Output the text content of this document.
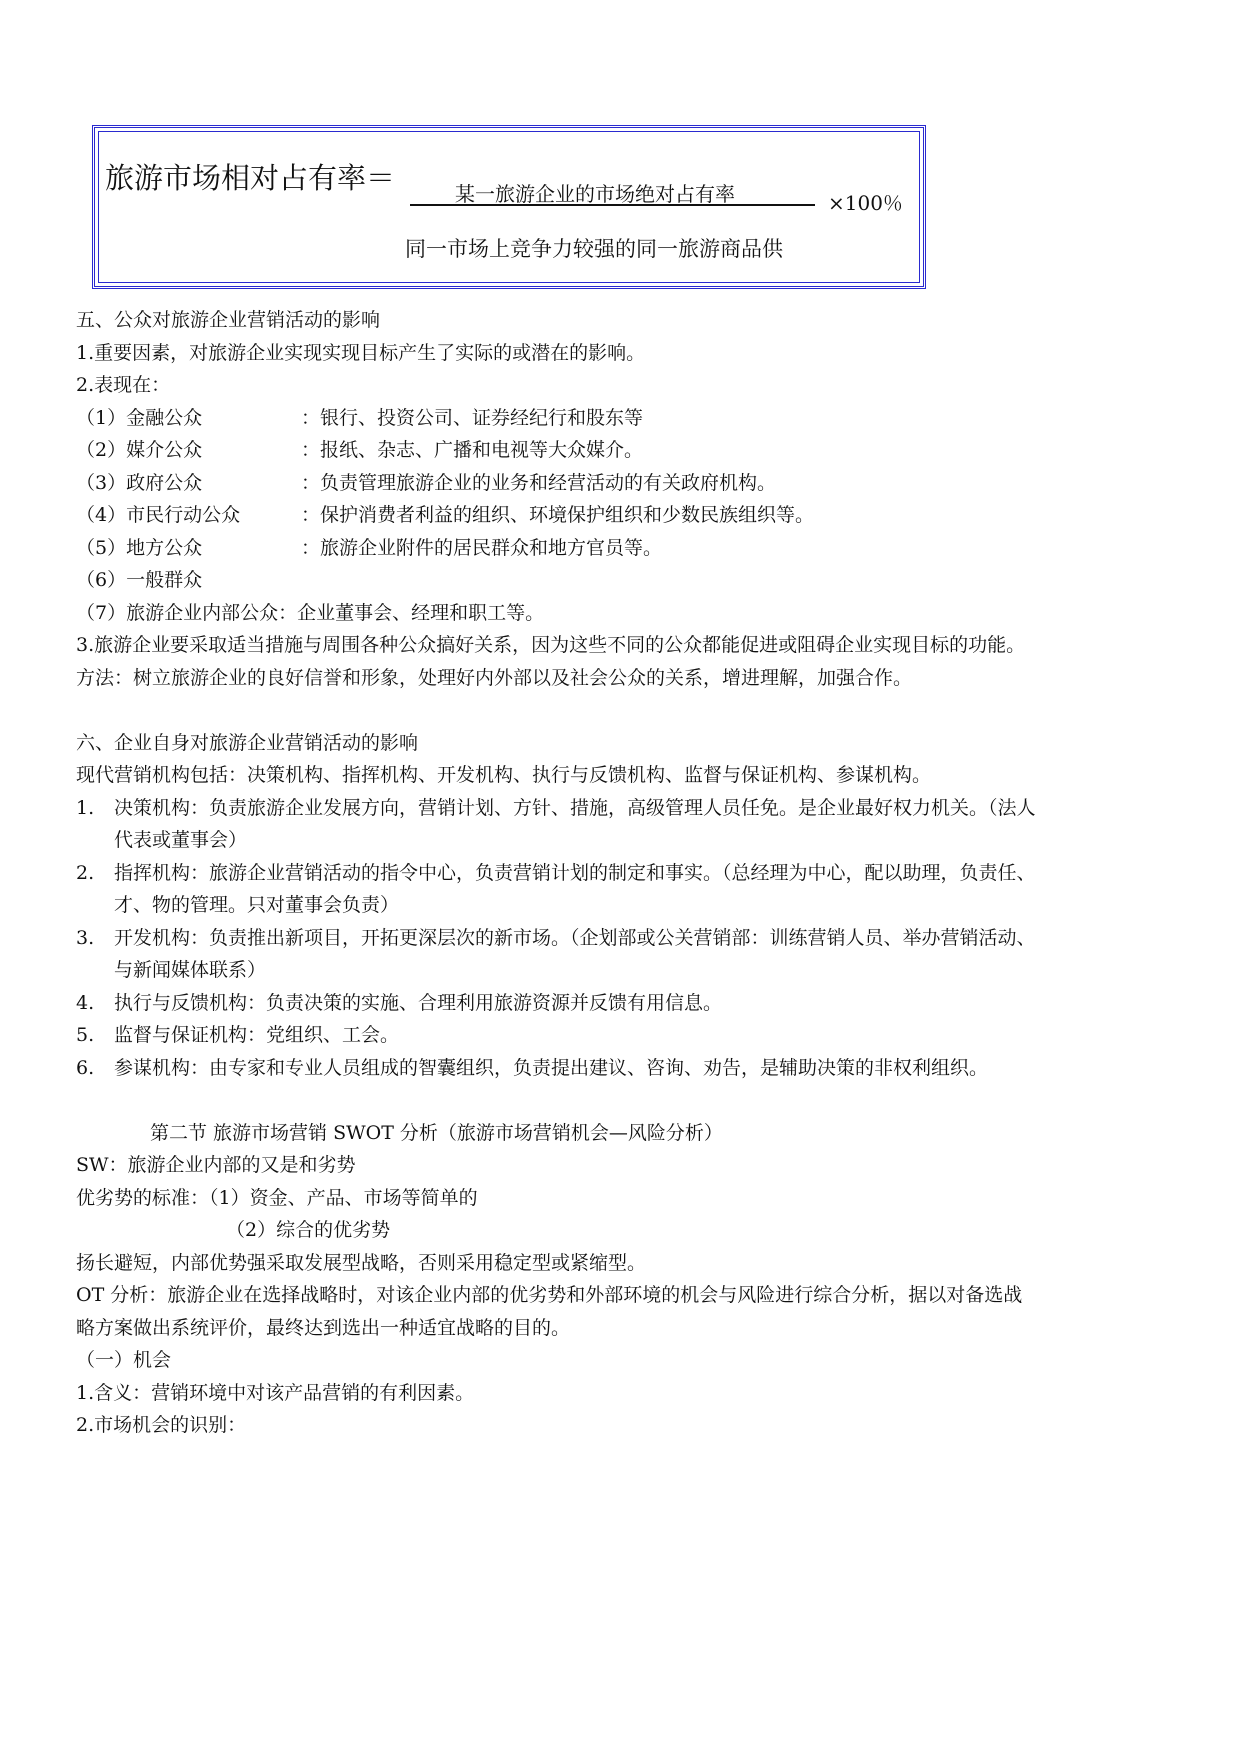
旅游市场相对占有率＝	某一旅游企业的市场绝对占有率	×100％
同一市场上竞争力较强的同一旅游商品供
五、公众对旅游企业营销活动的影响
1.重要因素，对旅游企业实现实现目标产生了实际的或潜在的影响。
2.表现在：
（1）金融公众	：银行、投资公司、证券经纪行和股东等
（2）媒介公众	：报纸、杂志、广播和电视等大众媒介。
（3）政府公众	：负责管理旅游企业的业务和经营活动的有关政府机构。
（4）市民行动公众	：保护消费者利益的组织、环境保护组织和少数民族组织等。
（5）地方公众	：旅游企业附件的居民群众和地方官员等。
（6）一般群众
（7）旅游企业内部公众：企业董事会、经理和职工等。
3.旅游企业要采取适当措施与周围各种公众搞好关系，因为这些不同的公众都能促进或阻碍企业实现目标的功能。
方法：树立旅游企业的良好信誉和形象，处理好内外部以及社会公众的关系，增进理解，加强合作。
六、企业自身对旅游企业营销活动的影响
现代营销机构包括：决策机构、指挥机构、开发机构、执行与反馈机构、监督与保证机构、参谋机构。
1. 决策机构：负责旅游企业发展方向，营销计划、方针、措施，高级管理人员任免。是企业最好权力机关。（法人
代表或董事会）
2. 指挥机构：旅游企业营销活动的指令中心，负责营销计划的制定和事实。（总经理为中心，配以助理，负责任、
才、物的管理。只对董事会负责）
3. 开发机构：负责推出新项目，开拓更深层次的新市场。（企划部或公关营销部：训练营销人员、举办营销活动、
与新闻媒体联系）
4. 执行与反馈机构：负责决策的实施、合理利用旅游资源并反馈有用信息。
5. 监督与保证机构：党组织、工会。
6. 参谋机构：由专家和专业人员组成的智囊组织，负责提出建议、咨询、劝告，是辅助决策的非权利组织。
第二节 旅游市场营销 SWOT 分析（旅游市场营销机会—风险分析）
SW：旅游企业内部的又是和劣势
优劣势的标准：（1）资金、产品、市场等简单的
（2）综合的优劣势
扬长避短，内部优势强采取发展型战略，否则采用稳定型或紧缩型。
OT 分析：旅游企业在选择战略时，对该企业内部的优劣势和外部环境的机会与风险进行综合分析，据以对备选战
略方案做出系统评价，最终达到选出一种适宜战略的目的。
（一）机会
1.含义：营销环境中对该产品营销的有利因素。
2.市场机会的识别：
